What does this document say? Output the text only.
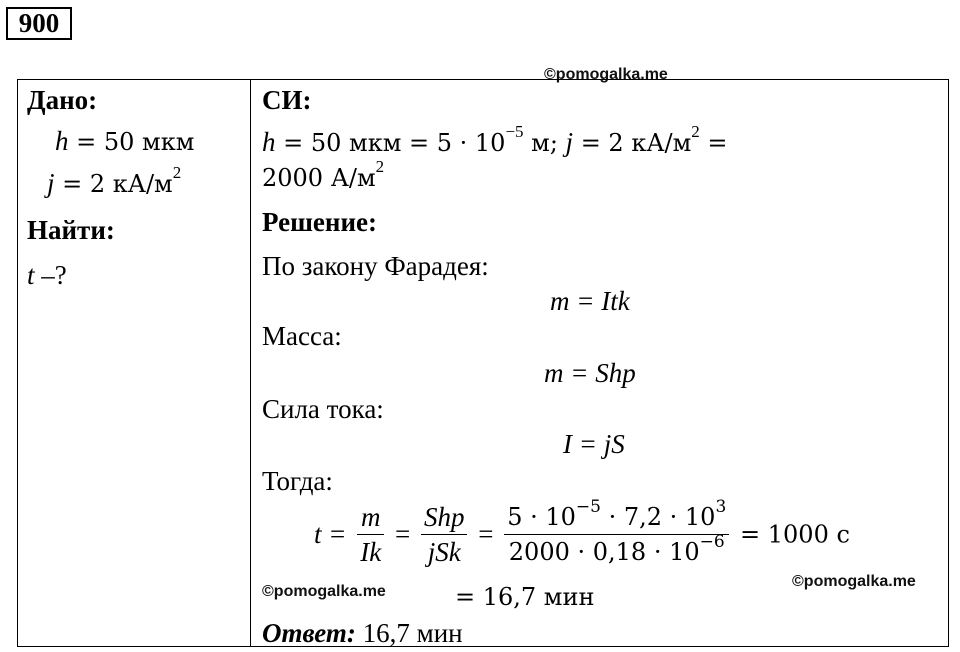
900
©pomogalka.me
©pomogalka.me
©pomogalka.me
Дано:
h = 50 мкм
j = 2 $кА/м^2$
Найти:
t –?
СИ:
h = 50 мкм = $5 \cdot 10^{-5}$ м; j = 2 $кА/м^2$ =
2000 $А/м^2$
Решение:
По закону Фарадея:
m = Itk
Масса:
m = Shp
Сила тока:
I = jS
Тогда:
$t = \frac{m}{Ik} = \frac{\text{Shp}}{\text{jSk}} = \frac{5 \cdot 10^{-5} \cdot 7,2 \cdot 10^3}{2000 \cdot 0,18 \cdot 10^{-6}} = 1000$ с
= 16,7 мин
Ответ: 16,7 мин
